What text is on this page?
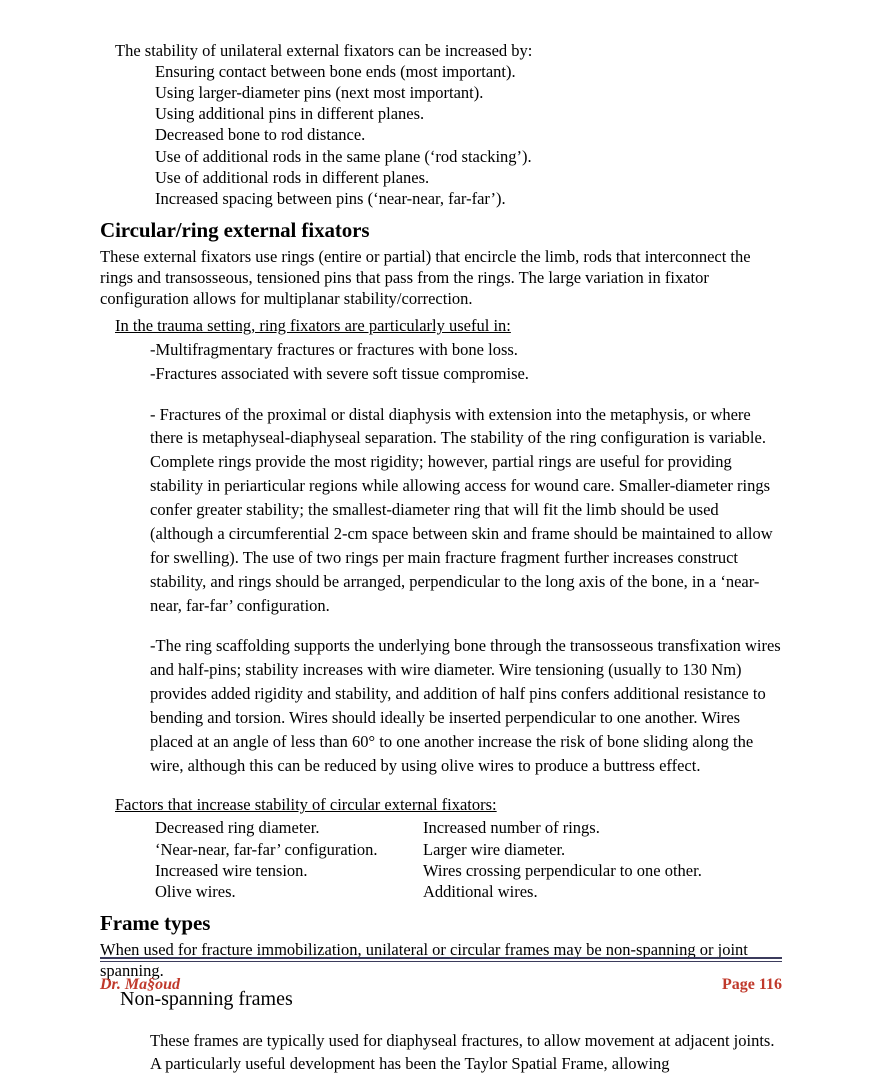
The stability of unilateral external fixators can be increased by:

Ensuring contact between bone ends (most important).
Using larger-diameter pins (next most important).
Using additional pins in different planes.
Decreased bone to rod distance.
Use of additional rods in the same plane (‘rod stacking’).
Use of additional rods in different planes.
Increased spacing between pins (‘near-near, far-far’).
Circular/ring external fixators

These external fixators use rings (entire or partial) that encircle the limb, rods that interconnect the rings and transosseous, tensioned pins that pass from the rings. The large variation in fixator configuration allows for multiplanar stability/correction.

In the trauma setting, ring fixators are particularly useful in:

-Multifragmentary fractures or fractures with bone loss.
-Fractures associated with severe soft tissue compromise.

- Fractures of the proximal or distal diaphysis with extension into the metaphysis, or where there is metaphyseal-diaphyseal separation. The stability of the ring configuration is variable. Complete rings provide the most rigidity; however, partial rings are useful for providing stability in periarticular regions while allowing access for wound care. Smaller-diameter rings confer greater stability; the smallest-diameter ring that will fit the limb should be used (although a circumferential 2-cm space between skin and frame should be maintained to allow for swelling). The use of two rings per main fracture fragment further increases construct stability, and rings should be arranged, perpendicular to the long axis of the bone, in a ‘near-near, far-far’ configuration.

-The ring scaffolding supports the underlying bone through the transosseous transfixation wires and half-pins; stability increases with wire diameter. Wire tensioning (usually to 130 Nm) provides added rigidity and stability, and addition of half pins confers additional resistance to bending and torsion. Wires should ideally be inserted perpendicular to one another. Wires placed at an angle of less than 60° to one another increase the risk of bone sliding along the wire, although this can be reduced by using olive wires to produce a buttress effect.

Factors that increase stability of circular external fixators:

Decreased ring diameter.	Increased number of rings.
‘Near-near, far-far’ configuration.	Larger wire diameter.
Increased wire tension.	Wires crossing perpendicular to one other.
Olive wires.	Additional wires.
Frame types

When used for fracture immobilization, unilateral or circular frames may be non-spanning or joint spanning.

Non-spanning frames

These frames are typically used for diaphyseal fractures, to allow movement at adjacent joints. A particularly useful development has been the Taylor Spatial Frame, allowing

Dr. Ma§oud	Page 116
